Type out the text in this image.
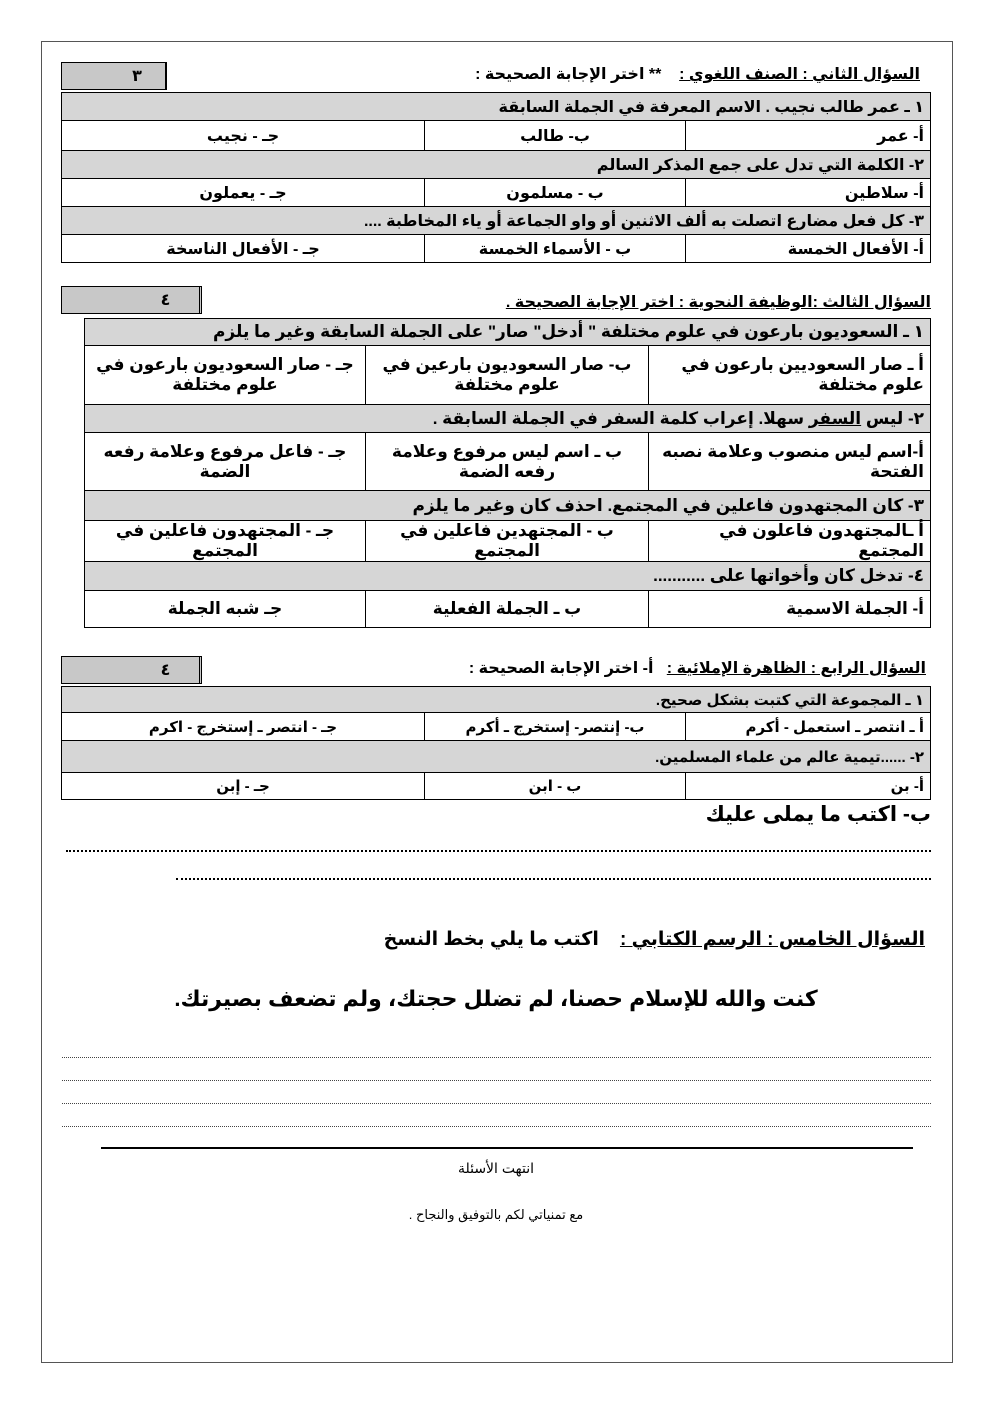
٣	السؤال الثاني : الصنف اللغوي :    ** اختر الإجابة الصحيحة :
١ ـ عمر طالب نجيب . الاسم المعرفة في الجملة السابقة		
أ- عمر	ب- طالب	جـ - نجيب
٢- الكلمة التي تدل على جمع المذكر السالم		
أ- سلاطين	ب - مسلمون	جـ - يعملون
٣- كل فعل مضارع اتصلت به ألف الاثنين أو واو الجماعة أو ياء المخاطبة ....		
أ- الأفعال الخمسة	ب - الأسماء الخمسة	جـ - الأفعال الناسخة
٤	السؤال الثالث :الوظيفة النحوية : اختر الإجابة الصحيحة .
١ ـ السعوديون بارعون في علوم مختلفة " أدخل" صار" على الجملة السابقة وغير ما يلزم		
أ ـ صار السعوديين بارعون في علوم مختلفة	ب- صار السعوديون بارعين في علوم مختلفة	جـ - صار السعوديون بارعون في علوم مختلفة
٢- ليس السفر سهلا. إعراب كلمة السفر في الجملة السابقة .		
أ-اسم ليس منصوب وعلامة نصبه الفتحة	ب ـ اسم ليس مرفوع وعلامة رفعه الضمة	جـ - فاعل مرفوع وعلامة رفعه الضمة
٣- كان المجتهدون فاعلين في المجتمع. احذف كان وغير ما يلزم		
أ ـالمجتهدون فاعلون في المجتمع	ب - المجتهدين فاعلين في المجتمع	جـ - المجتهدون فاعلين في المجتمع
٤- تدخل كان وأخواتها على ...........		
أ- الجملة الاسمية	ب ـ الجملة الفعلية	جـ شبه الجملة
٤	السؤال الرابع : الظاهرة الإملائية :   أ- اختر الإجابة الصحيحة :
١ ـ المجموعة التي كتبت بشكل صحيح.		
أ ـ انتصر ـ استعمل - أكرم	ب- إنتصر- إستخرج ـ أكرم	جـ - انتصر ـ إستخرج - اكرم
٢- ......تيمية عالم من علماء المسلمين.		
أ- بن	ب - ابن	جـ - إبن
ب- اكتب ما يملى عليك
السؤال الخامس : الرسم الكتابي :    اكتب ما يلي بخط النسخ
كنت والله للإسلام حصنا، لم تضلل حجتك، ولم تضعف بصيرتك.
انتهت الأسئلة
مع تمنياتي لكم بالتوفيق والنجاح .
